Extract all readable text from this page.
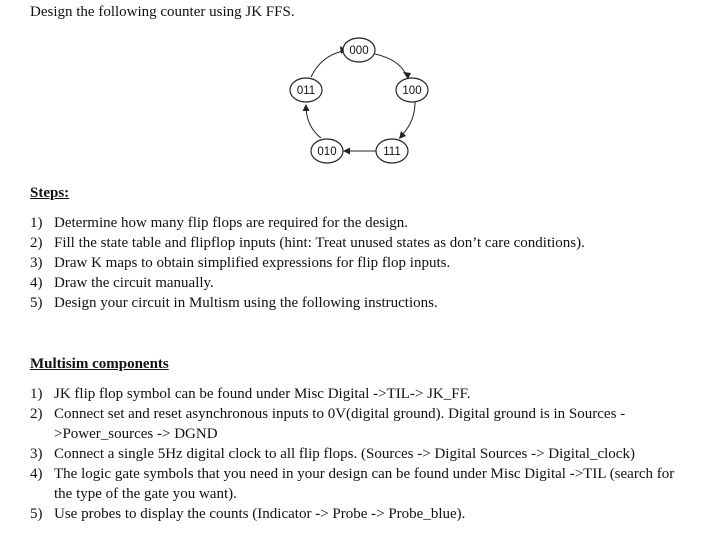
Design the following counter using JK FFS.

000
100
111
010
011
Steps:
1) Determine how many flip flops are required for the design.
2) Fill the state table and flipflop inputs (hint: Treat unused states as don’t care conditions).
3) Draw K maps to obtain simplified expressions for flip flop inputs.
4) Draw the circuit manually.
5) Design your circuit in Multism using the following instructions.
Multisim components
1) JK flip flop symbol can be found under Misc Digital ->TIL-> JK_FF.
2) Connect set and reset asynchronous inputs to 0V(digital ground). Digital ground is in Sources ->Power_sources -> DGND
3) Connect a single 5Hz digital clock to all flip flops. (Sources -> Digital Sources -> Digital_clock)
4) The logic gate symbols that you need in your design can be found under Misc Digital ->TIL (search for the type of the gate you want).
5) Use probes to display the counts (Indicator -> Probe -> Probe_blue).
